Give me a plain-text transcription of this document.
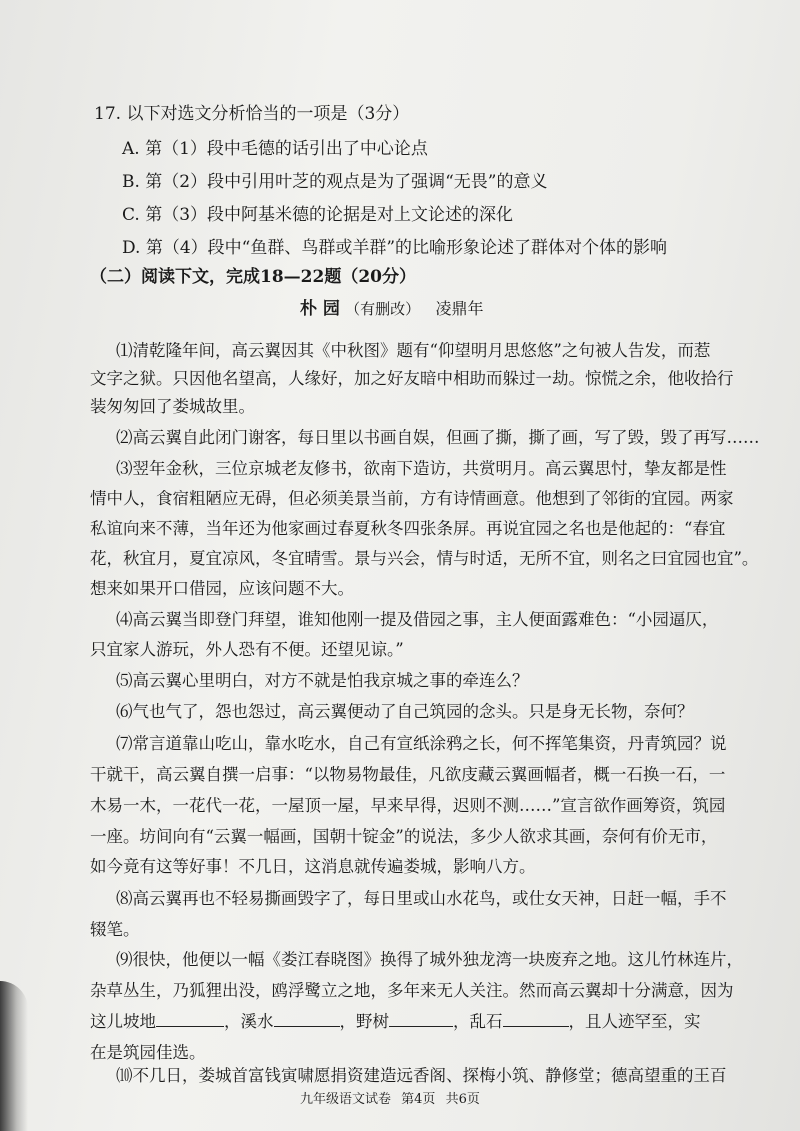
17. 以下对选文分析恰当的一项是（3分）
A. 第（1）段中毛德的话引出了中心论点
B. 第（2）段中引用叶芝的观点是为了强调“无畏”的意义
C. 第（3）段中阿基米德的论据是对上文论述的深化
D. 第（4）段中“鱼群、鸟群或羊群”的比喻形象论述了群体对个体的影响
（二）阅读下文，完成18—22题（20分）
朴 园 （有删改） 凌鼎年
⑴清乾隆年间，高云翼因其《中秋图》题有“仰望明月思悠悠”之句被人告发，而惹
文字之狱。只因他名望高，人缘好，加之好友暗中相助而躲过一劫。惊慌之余，他收拾行
装匆匆回了娄城故里。
⑵高云翼自此闭门谢客，每日里以书画自娱，但画了撕，撕了画，写了毁，毁了再写……
⑶翌年金秋，三位京城老友修书，欲南下造访，共赏明月。高云翼思忖，挚友都是性
情中人，食宿粗陋应无碍，但必须美景当前，方有诗情画意。他想到了邻街的宜园。两家
私谊向来不薄，当年还为他家画过春夏秋冬四张条屏。再说宜园之名也是他起的：“春宜
花，秋宜月，夏宜凉风，冬宜晴雪。景与兴会，情与时适，无所不宜，则名之曰宜园也宜”。
想来如果开口借园，应该问题不大。
⑷高云翼当即登门拜望，谁知他刚一提及借园之事，主人便面露难色：“小园逼仄，
只宜家人游玩，外人恐有不便。还望见谅。”
⑸高云翼心里明白，对方不就是怕我京城之事的牵连么？
⑹气也气了，怨也怨过，高云翼便动了自己筑园的念头。只是身无长物，奈何？
⑺常言道靠山吃山，靠水吃水，自己有宣纸涂鸦之长，何不挥笔集资，丹青筑园？说
干就干，高云翼自撰一启事：“以物易物最佳，凡欲庋藏云翼画幅者，概一石换一石，一
木易一木，一花代一花，一屋顶一屋，早来早得，迟则不测……”宣言欲作画筹资，筑园
一座。坊间向有“云翼一幅画，国朝十锭金”的说法，多少人欲求其画，奈何有价无市，
如今竟有这等好事！不几日，这消息就传遍娄城，影响八方。
⑻高云翼再也不轻易撕画毁字了，每日里或山水花鸟，或仕女天神，日赶一幅，手不
辍笔。
⑼很快，他便以一幅《娄江春晓图》换得了城外独龙湾一块废弃之地。这儿竹林连片，
杂草丛生，乃狐狸出没，鸥浮鹭立之地，多年来无人关注。然而高云翼却十分满意，因为
这儿坡地	，溪水	，野树	，乱石	，且人迹罕至，实
在是筑园佳选。
⑽不几日，娄城首富钱寅啸愿捐资建造远香阁、探梅小筑、静修堂；德高望重的王百
九年级语文试卷 第4页 共6页
